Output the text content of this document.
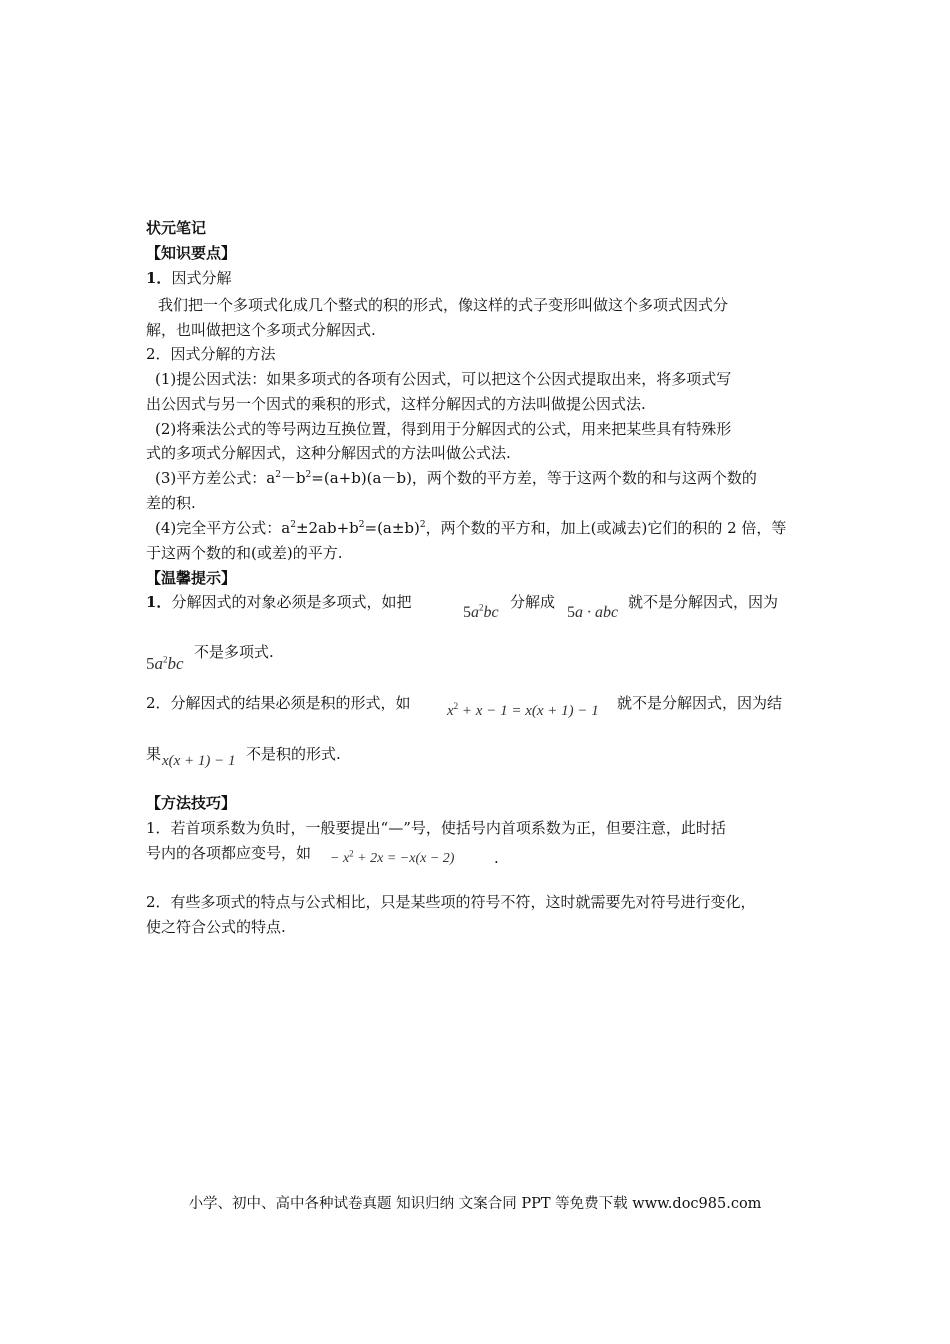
状元笔记
【知识要点】
1．因式分解
我们把一个多项式化成几个整式的积的形式，像这样的式子变形叫做这个多项式因式分
解，也叫做把这个多项式分解因式.
2．因式分解的方法
(1)提公因式法：如果多项式的各项有公因式，可以把这个公因式提取出来，将多项式写
出公因式与另一个因式的乘积的形式，这样分解因式的方法叫做提公因式法.
(2)将乘法公式的等号两边互换位置，得到用于分解因式的公式，用来把某些具有特殊形
式的多项式分解因式，这种分解因式的方法叫做公式法.
(3)平方差公式：$a^2-b^2=(a+b)(a-b)$，两个数的平方差，等于这两个数的和与这两个数的
差的积.
(4)完全平方公式：$a^2\pm 2ab+b^2=(a\pm b)^2$，两个数的平方和，加上(或减去)它们的积的 2 倍，等
于这两个数的和(或差)的平方.
【温馨提示】
1．分解因式的对象必须是多项式，如把
$5a^2bc$
分解成
5a · abc
就不是分解因式，因为
$5a^2bc$
不是多项式.
2．分解因式的结果必须是积的形式，如 $x^2 + x - 1 = x(x + 1) - 1$ 就不是分解因式，因为结
果 x(x + 1) − 1 不是积的形式.
【方法技巧】
1．若首项系数为负时，一般要提出“—”号，使括号内首项系数为正，但要注意，此时括
号内的各项都应变号，如 − $x^2 + 2x = -x(x - 2)$	.
2．有些多项式的特点与公式相比，只是某些项的符号不符，这时就需要先对符号进行变化，
使之符合公式的特点.
小学、初中、高中各种试卷真题 知识归纳 文案合同 PPT 等免费下载 www.doc985.com
